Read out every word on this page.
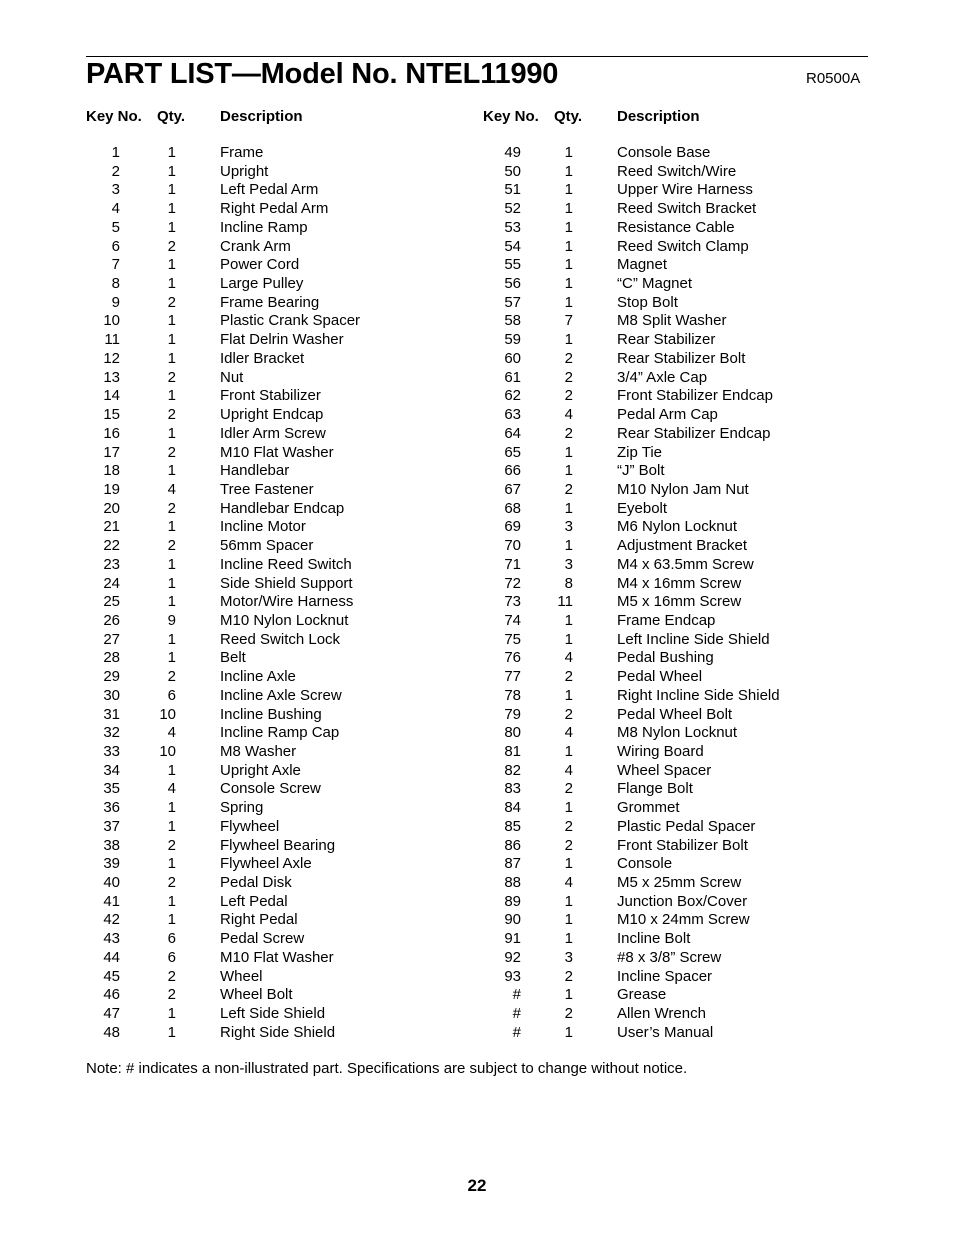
PART LIST—Model No. NTEL11990	R0500A
Key No. Qty. Description	Key No. Qty. Description
1	1	Frame
2	1	Upright
3	1	Left Pedal Arm
4	1	Right Pedal Arm
5	1	Incline Ramp
6	2	Crank Arm
7	1	Power Cord
8	1	Large Pulley
9	2	Frame Bearing
10	1	Plastic Crank Spacer
11	1	Flat Delrin Washer
12	1	Idler Bracket
13	2	Nut
14	1	Front Stabilizer
15	2	Upright Endcap
16	1	Idler Arm Screw
17	2	M10 Flat Washer
18	1	Handlebar
19	4	Tree Fastener
20	2	Handlebar Endcap
21	1	Incline Motor
22	2	56mm Spacer
23	1	Incline Reed Switch
24	1	Side Shield Support
25	1	Motor/Wire Harness
26	9	M10 Nylon Locknut
27	1	Reed Switch Lock
28	1	Belt
29	2	Incline Axle
30	6	Incline Axle Screw
31	10	Incline Bushing
32	4	Incline Ramp Cap
33	10	M8 Washer
34	1	Upright Axle
35	4	Console Screw
36	1	Spring
37	1	Flywheel
38	2	Flywheel Bearing
39	1	Flywheel Axle
40	2	Pedal Disk
41	1	Left Pedal
42	1	Right Pedal
43	6	Pedal Screw
44	6	M10 Flat Washer
45	2	Wheel
46	2	Wheel Bolt
47	1	Left Side Shield
48	1	Right Side Shield
49	1	Console Base
50	1	Reed Switch/Wire
51	1	Upper Wire Harness
52	1	Reed Switch Bracket
53	1	Resistance Cable
54	1	Reed Switch Clamp
55	1	Magnet
56	1	“C” Magnet
57	1	Stop Bolt
58	7	M8 Split Washer
59	1	Rear Stabilizer
60	2	Rear Stabilizer Bolt
61	2	3/4” Axle Cap
62	2	Front Stabilizer Endcap
63	4	Pedal Arm Cap
64	2	Rear Stabilizer Endcap
65	1	Zip Tie
66	1	“J” Bolt
67	2	M10 Nylon Jam Nut
68	1	Eyebolt
69	3	M6 Nylon Locknut
70	1	Adjustment Bracket
71	3	M4 x 63.5mm Screw
72	8	M4 x 16mm Screw
73	11	M5 x 16mm Screw
74	1	Frame Endcap
75	1	Left Incline Side Shield
76	4	Pedal Bushing
77	2	Pedal Wheel
78	1	Right Incline Side Shield
79	2	Pedal Wheel Bolt
80	4	M8 Nylon Locknut
81	1	Wiring Board
82	4	Wheel Spacer
83	2	Flange Bolt
84	1	Grommet
85	2	Plastic Pedal Spacer
86	2	Front Stabilizer Bolt
87	1	Console
88	4	M5 x 25mm Screw
89	1	Junction Box/Cover
90	1	M10 x 24mm Screw
91	1	Incline Bolt
92	3	#8 x 3/8” Screw
93	2	Incline Spacer
#	1	Grease
#	2	Allen Wrench
#	1	User’s Manual
Note: # indicates a non-illustrated part. Specifications are subject to change without notice.
22
